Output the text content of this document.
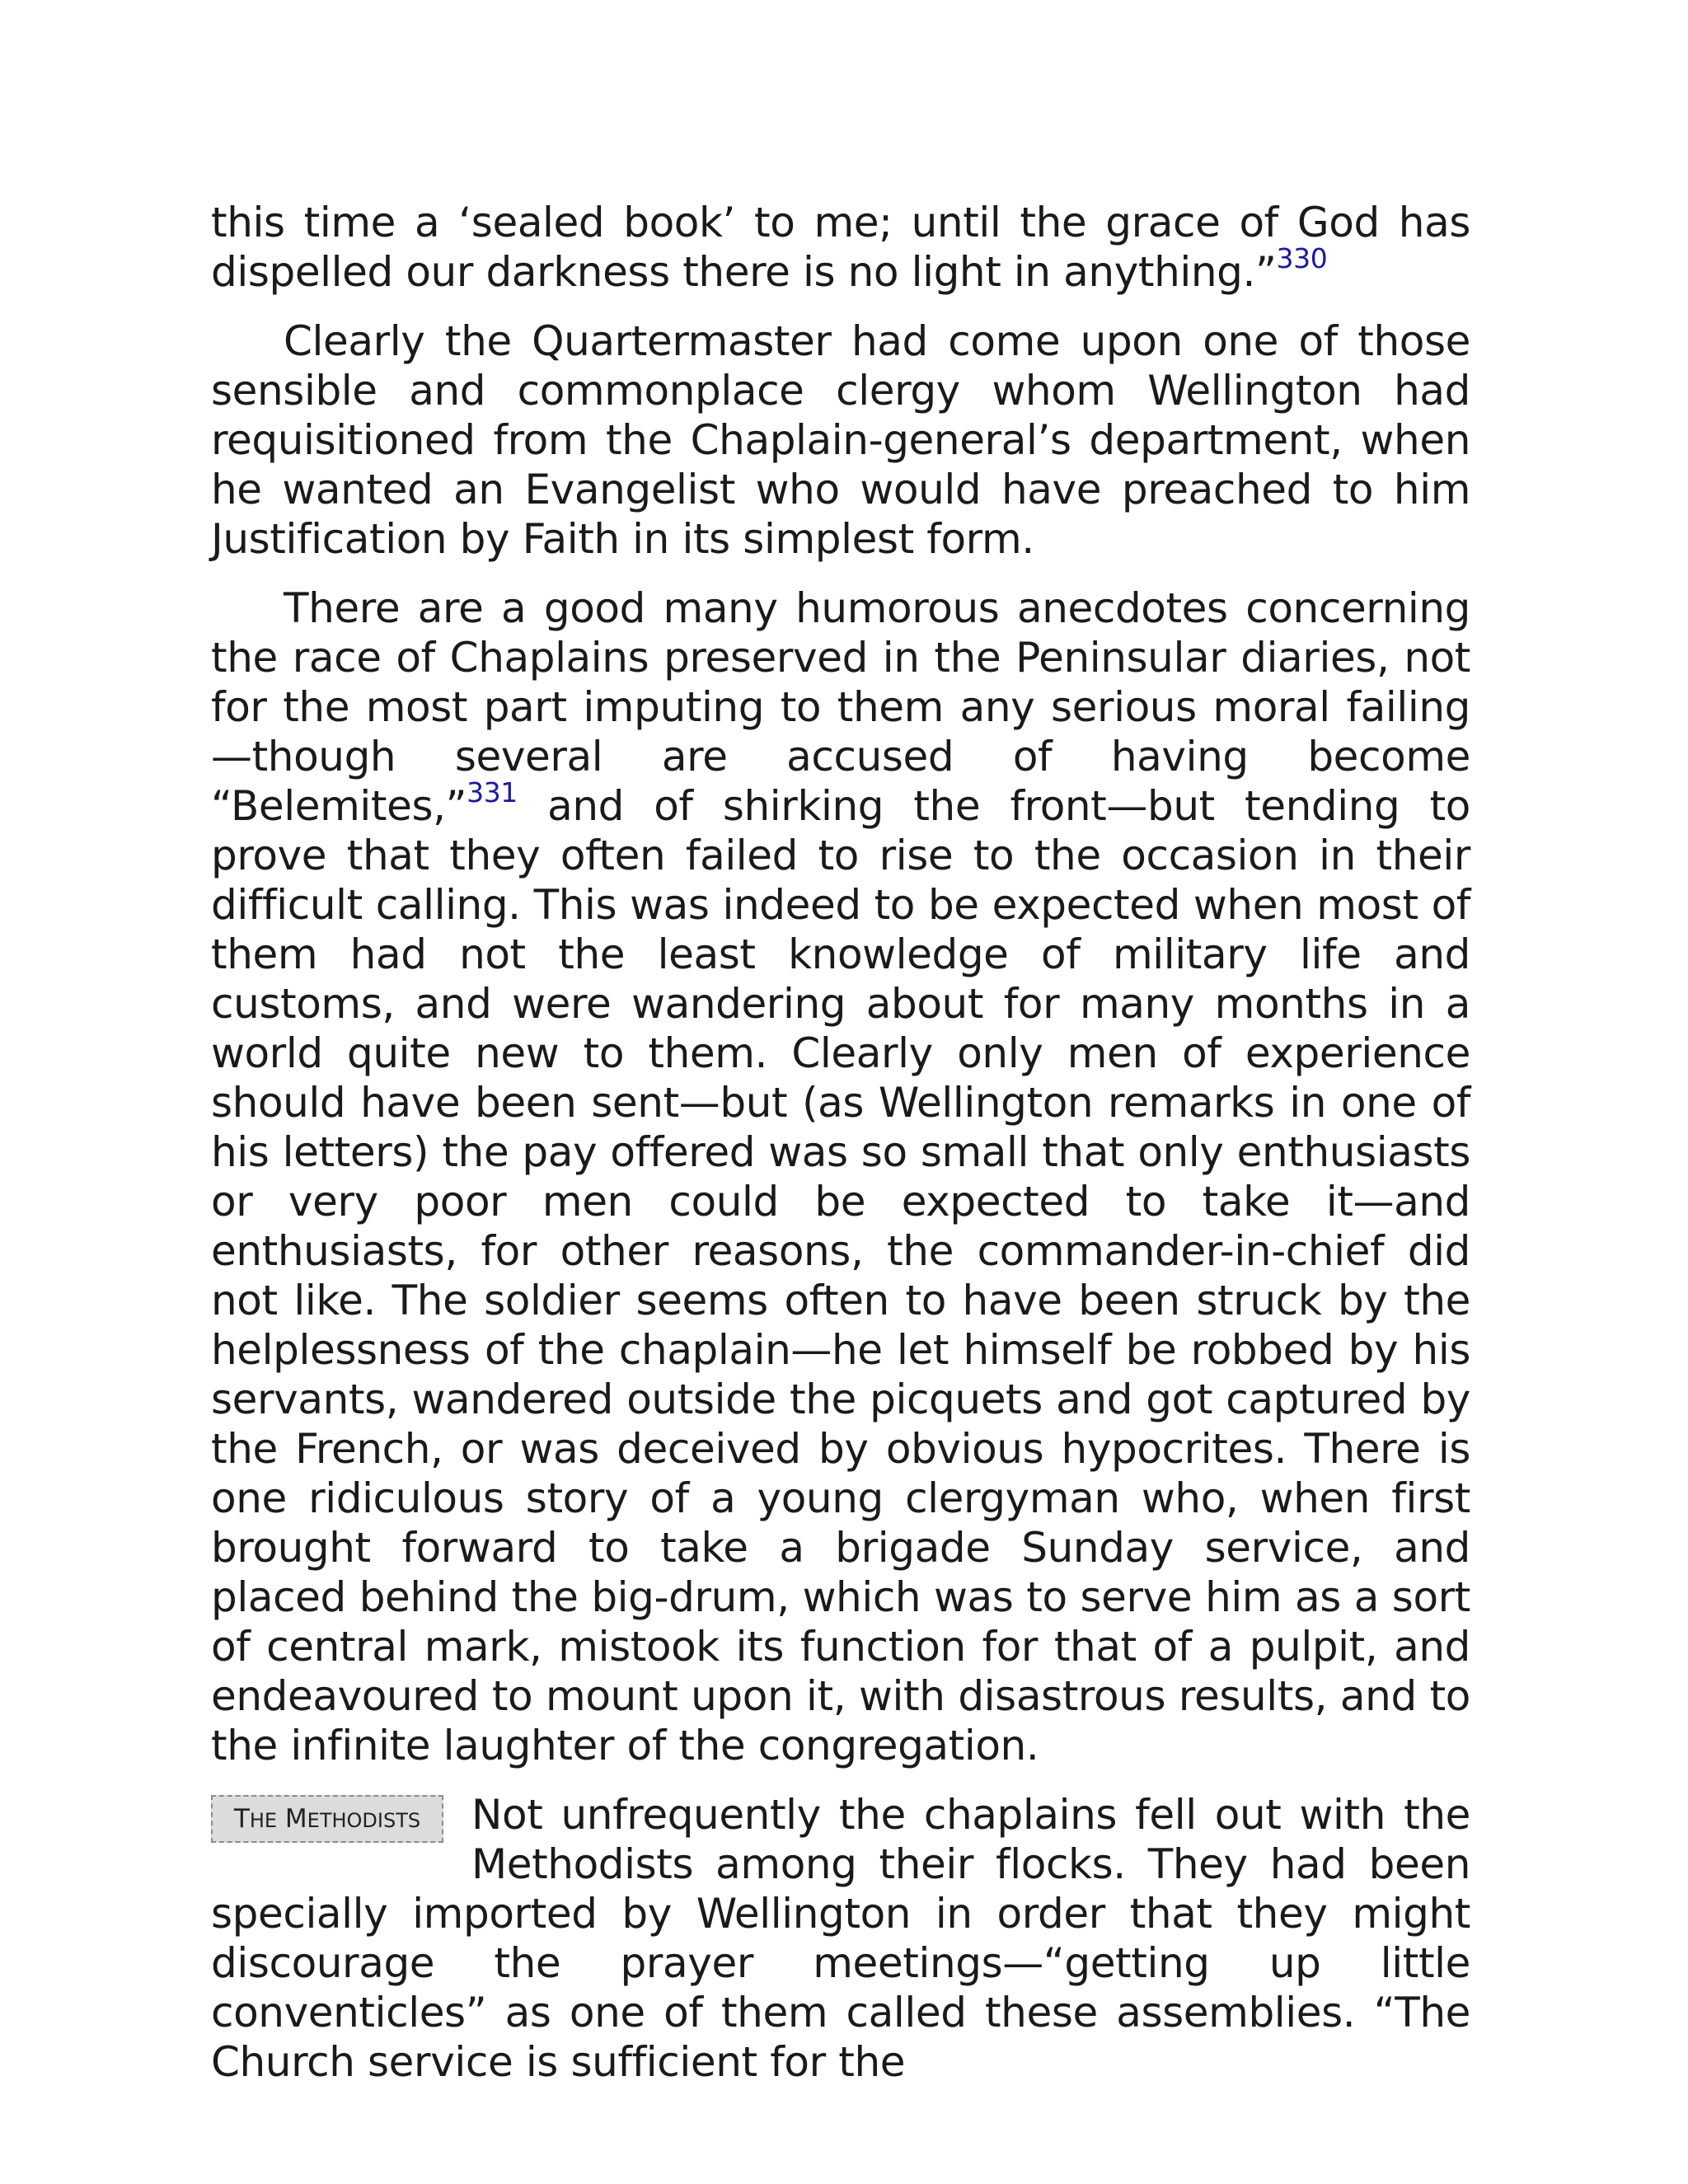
this time a ‘sealed book’ to me; until the grace of God has dispelled our darkness there is no light in anything.”$^{330}$

Clearly the Quartermaster had come upon one of those sensible and commonplace clergy whom Wellington had requisitioned from the Chaplain-general’s department, when he wanted an Evangelist who would have preached to him Justification by Faith in its simplest form.

There are a good many humorous anecdotes concerning the race of Chaplains preserved in the Peninsular diaries, not for the most part imputing to them any serious moral failing—though several are accused of having become “Belemites,”$^{331}$ and of shirking the front—but tending to prove that they often failed to rise to the occasion in their difficult calling. This was indeed to be expected when most of them had not the least knowledge of military life and customs, and were wandering about for many months in a world quite new to them. Clearly only men of experience should have been sent—but (as Wellington remarks in one of his letters) the pay offered was so small that only enthusiasts or very poor men could be expected to take it—and enthusiasts, for other reasons, the commander-in-chief did not like. The soldier seems often to have been struck by the helplessness of the chaplain—he let himself be robbed by his servants, wandered outside the picquets and got captured by the French, or was deceived by obvious hypocrites. There is one ridiculous story of a young clergyman who, when first brought forward to take a brigade Sunday service, and placed behind the big-drum, which was to serve him as a sort of central mark, mistook its function for that of a pulpit, and endeavoured to mount upon it, with disastrous results, and to the infinite laughter of the congregation.

THE METHODISTS	Not unfrequently the chaplains fell out with the Methodists among their flocks. They had been specially imported by Wellington in order that they might discourage the prayer meetings—“getting up little conventicles” as one of them called these assemblies. “The Church service is sufficient for the
